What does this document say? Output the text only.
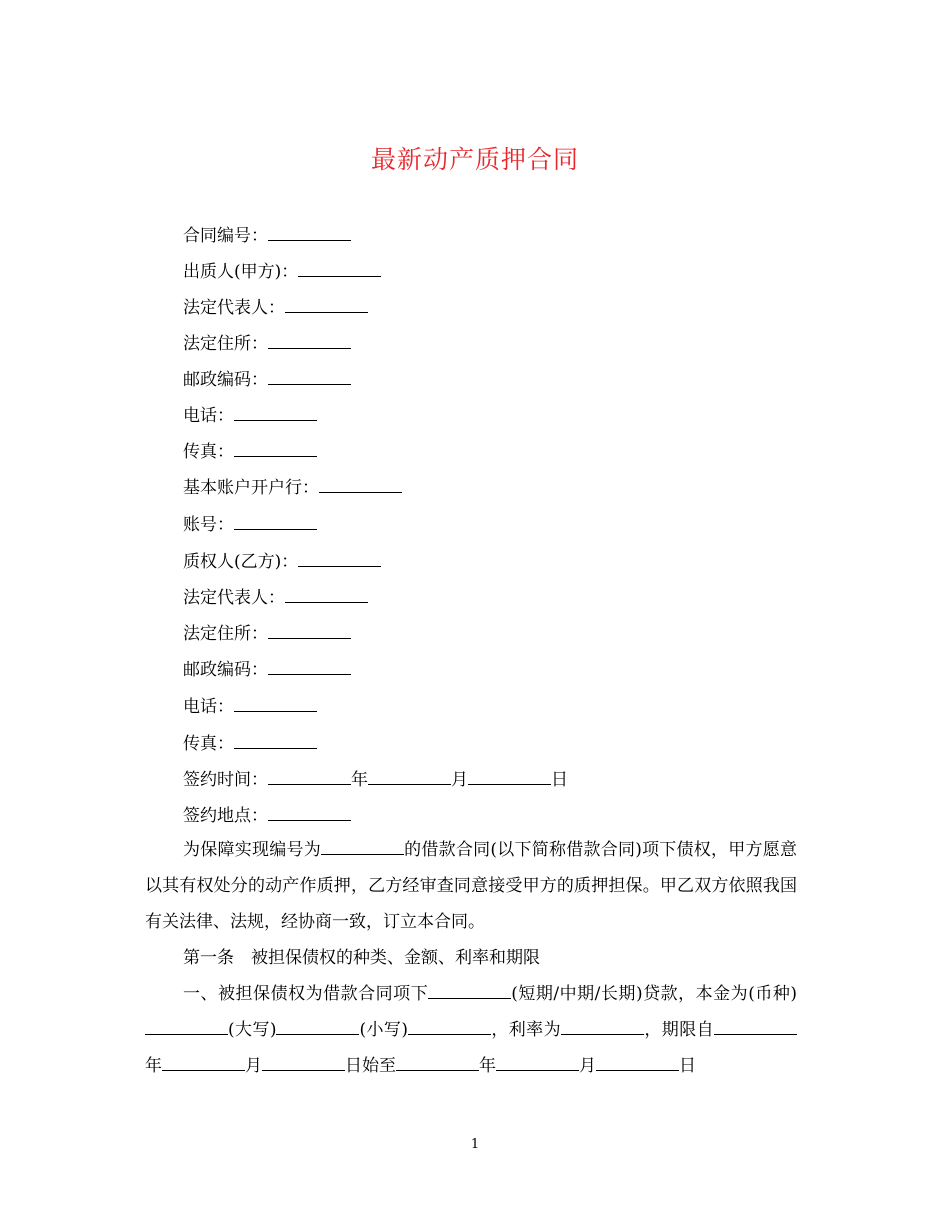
最新动产质押合同
合同编号：
出质人(甲方)：
法定代表人：
法定住所：
邮政编码：
电话：
传真：
基本账户开户行：
账号：
质权人(乙方)：
法定代表人：
法定住所：
邮政编码：
电话：
传真：
签约时间：	年	月	日
签约地点：
为保障实现编号为	的借款合同(以下简称借款合同)项下债权，甲方愿意以其有权处分的动产作质押，乙方经审查同意接受甲方的质押担保。甲乙双方依照我国有关法律、法规，经协商一致，订立本合同。
第一条　被担保债权的种类、金额、利率和期限
一、被担保债权为借款合同项下	(短期/中期/长期)贷款，本金为(币种)(大写)	(小写)	，利率为	，期限自年	月	日始至	年	月	日
1
